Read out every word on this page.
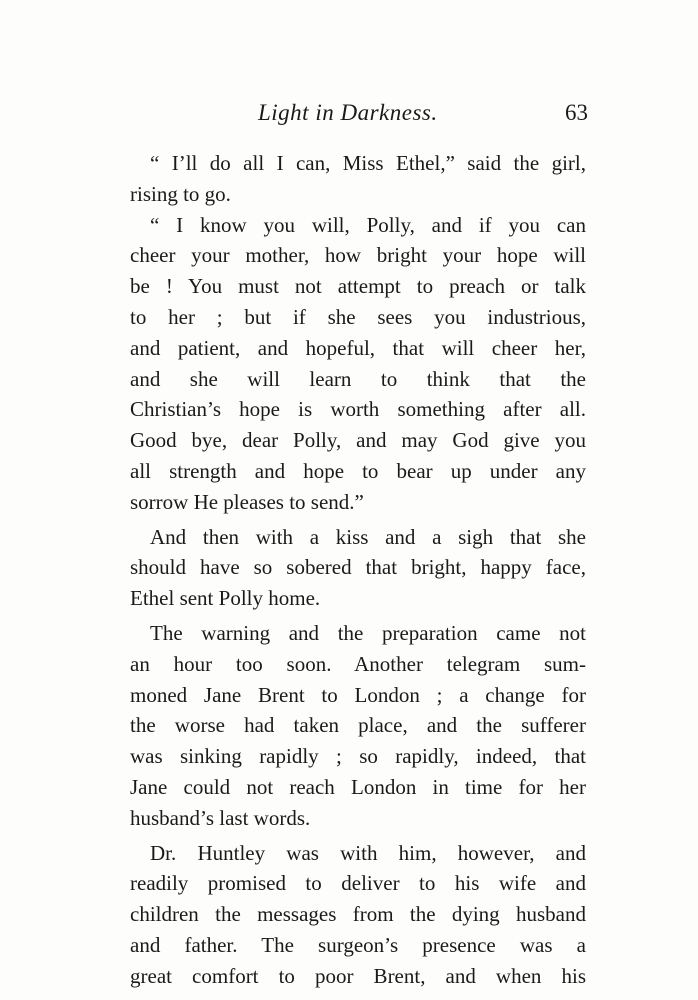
Light in Darkness.	63
“ I’ll do all I can, Miss Ethel,” said the girl,
rising to go.
“ I know you will, Polly, and if you can
cheer your mother, how bright your hope will
be ! You must not attempt to preach or talk
to her ; but if she sees you industrious,
and patient, and hopeful, that will cheer her,
and she will learn to think that the
Christian’s hope is worth something after all.
Good bye, dear Polly, and may God give you
all strength and hope to bear up under any
sorrow He pleases to send.”
And then with a kiss and a sigh that she
should have so sobered that bright, happy face,
Ethel sent Polly home.
The warning and the preparation came not
an hour too soon. Another telegram sum-
moned Jane Brent to London ; a change for
the worse had taken place, and the sufferer
was sinking rapidly ; so rapidly, indeed, that
Jane could not reach London in time for her
husband’s last words.
Dr. Huntley was with him, however, and
readily promised to deliver to his wife and
children the messages from the dying husband
and father. The surgeon’s presence was a
great comfort to poor Brent, and when his
